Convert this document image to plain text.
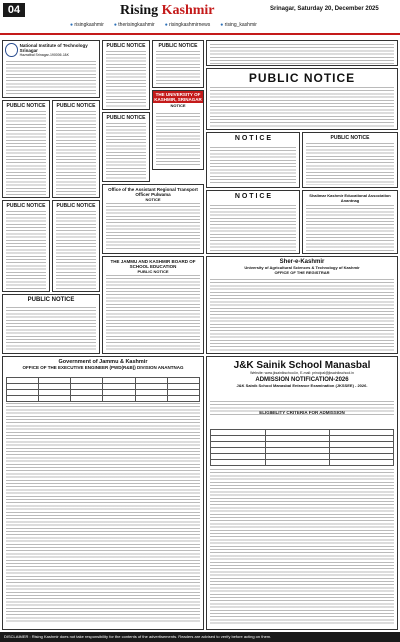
04	Rising Kashmir	Srinagar, Saturday 20, December 2025
● risingkashmir	● therisingkashmir	● risingkashmirnews	● rising_kashmir
National Institute of Technology Srinagar
Hazratbal Srinagar-190006 J&K
PUBLIC NOTICE	PUBLIC NOTICE
PUBLIC NOTICE	PUBLIC NOTICE
PUBLIC NOTICE
PUBLIC NOTICE	PUBLIC NOTICE
THE UNIVERSITY OF KASHMIR, SRINAGAR
NOTICE
PUBLIC NOTICE
Office of the Assistant Regional Transport Officer Pulwama
NOTICE
THE JAMMU AND KASHMIR BOARD OF SCHOOL EDUCATION
PUBLIC NOTICE
PUBLIC NOTICE
N O T I C E	PUBLIC NOTICE
N O T I C E	Shalimar Kashmir Educational Association Anantnag
Sher-e-Kashmir
University of Agricultural Sciences & Technology of Kashmir
OFFICE OF THE REGISTRAR
Government of Jammu & Kashmir
OFFICE OF THE EXECUTIVE ENGINEER (PWD(R&B)) DIVISION ANANTNAG

						J&K Sainik School Manasbal
Website: www.jksainikschool.in, E-mail: principal@jksainikschool.in
ADMISSION NOTIFICATION-2026
J&K Sainik School Manasbal Entrance Examination (JKSSEE) - 2026.
ELIGIBILITY CRITERIA FOR ADMISSION

DISCLAIMER : Rising Kashmir does not take responsibility for the contents of the advertisements. Readers are advised to verify before acting on them.
